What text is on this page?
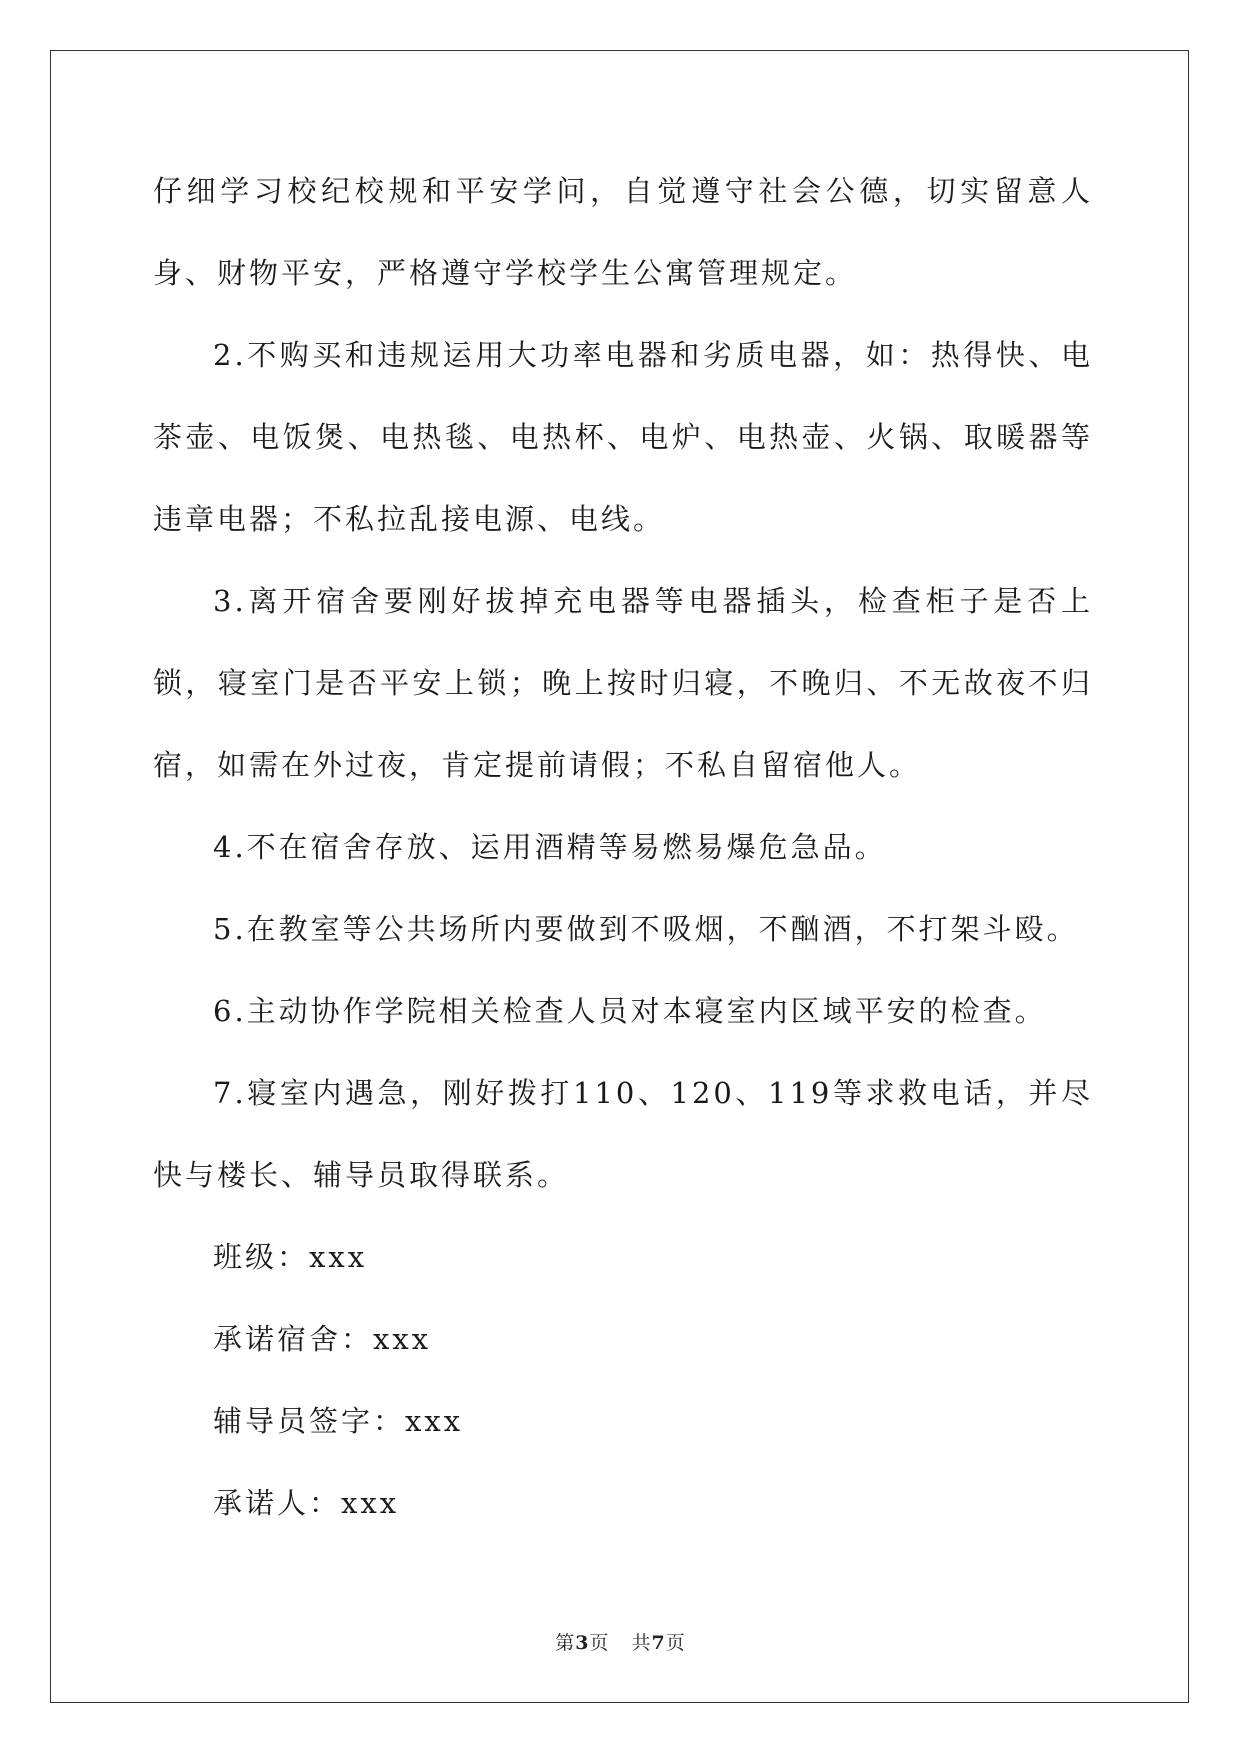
仔细学习校纪校规和平安学问，自觉遵守社会公德，切实留意人身、财物平安，严格遵守学校学生公寓管理规定。

2.不购买和违规运用大功率电器和劣质电器，如：热得快、电茶壶、电饭煲、电热毯、电热杯、电炉、电热壶、火锅、取暖器等违章电器；不私拉乱接电源、电线。

3.离开宿舍要刚好拔掉充电器等电器插头，检查柜子是否上锁，寝室门是否平安上锁；晚上按时归寝，不晚归、不无故夜不归宿，如需在外过夜，肯定提前请假；不私自留宿他人。

4.不在宿舍存放、运用酒精等易燃易爆危急品。

5.在教室等公共场所内要做到不吸烟，不酗酒，不打架斗殴。

6.主动协作学院相关检查人员对本寝室内区域平安的检查。

7.寝室内遇急，刚好拨打110、120、119等求救电话，并尽快与楼长、辅导员取得联系。

班级：xxx

承诺宿舍：xxx

辅导员签字：xxx

承诺人：xxx

第3页 共7页
